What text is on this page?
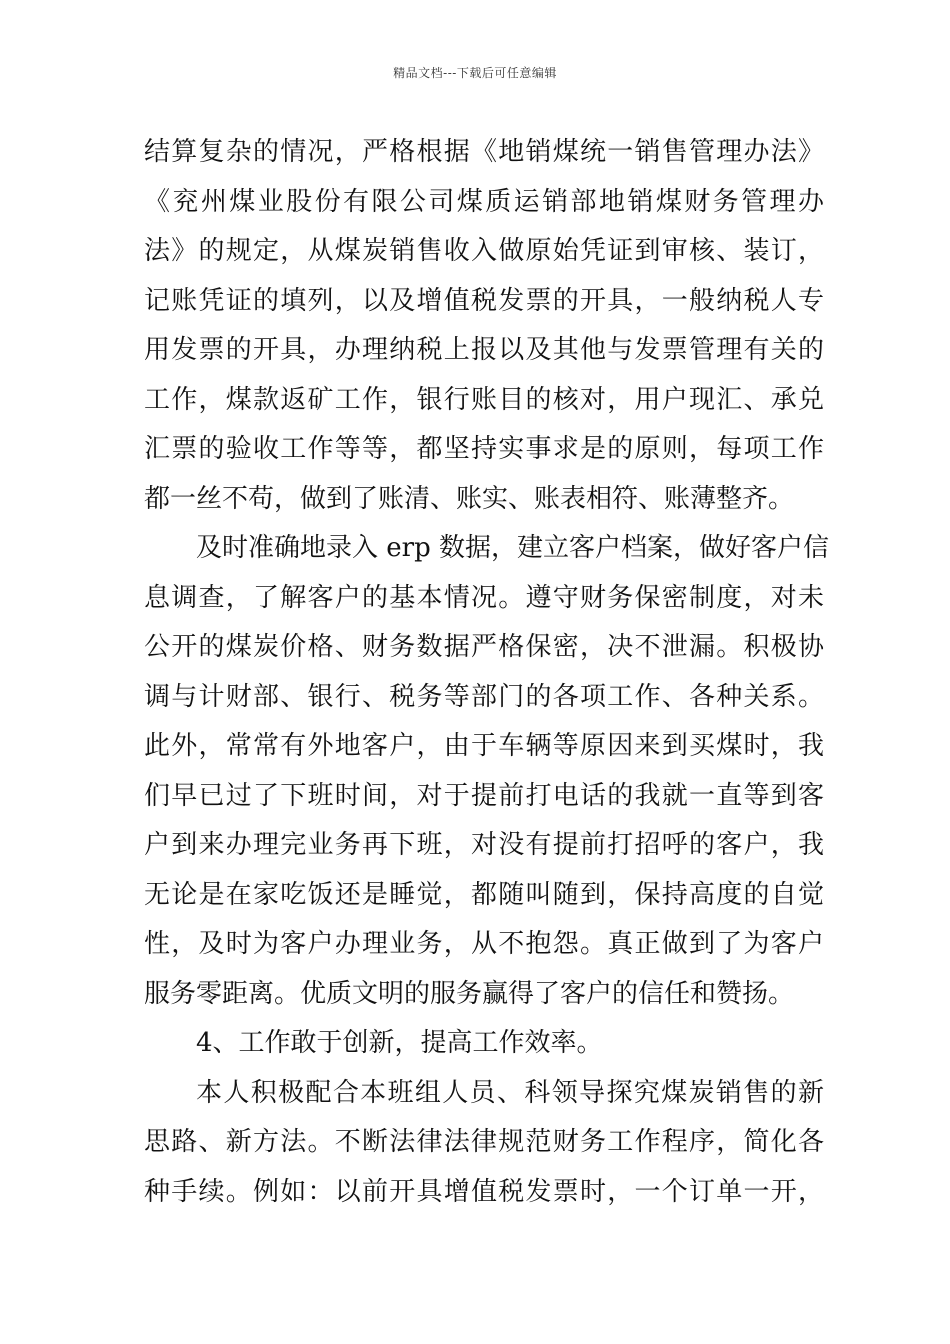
精品文档---下载后可任意编辑
结算复杂的情况，严格根据《地销煤统一销售管理办法》
《兖州煤业股份有限公司煤质运销部地销煤财务管理办
法》的规定，从煤炭销售收入做原始凭证到审核、装订，
记账凭证的填列，以及增值税发票的开具，一般纳税人专
用发票的开具，办理纳税上报以及其他与发票管理有关的
工作，煤款返矿工作，银行账目的核对，用户现汇、承兑
汇票的验收工作等等，都坚持实事求是的原则，每项工作
都一丝不苟，做到了账清、账实、账表相符、账薄整齐。
及时准确地录入 erp 数据，建立客户档案，做好客户信
息调查，了解客户的基本情况。遵守财务保密制度，对未
公开的煤炭价格、财务数据严格保密，决不泄漏。积极协
调与计财部、银行、税务等部门的各项工作、各种关系。
此外，常常有外地客户，由于车辆等原因来到买煤时，我
们早已过了下班时间，对于提前打电话的我就一直等到客
户到来办理完业务再下班，对没有提前打招呼的客户，我
无论是在家吃饭还是睡觉，都随叫随到，保持高度的自觉
性，及时为客户办理业务，从不抱怨。真正做到了为客户
服务零距离。优质文明的服务赢得了客户的信任和赞扬。
4、工作敢于创新，提高工作效率。
本人积极配合本班组人员、科领导探究煤炭销售的新
思路、新方法。不断法律法律规范财务工作程序，简化各
种手续。例如：以前开具增值税发票时，一个订单一开，
